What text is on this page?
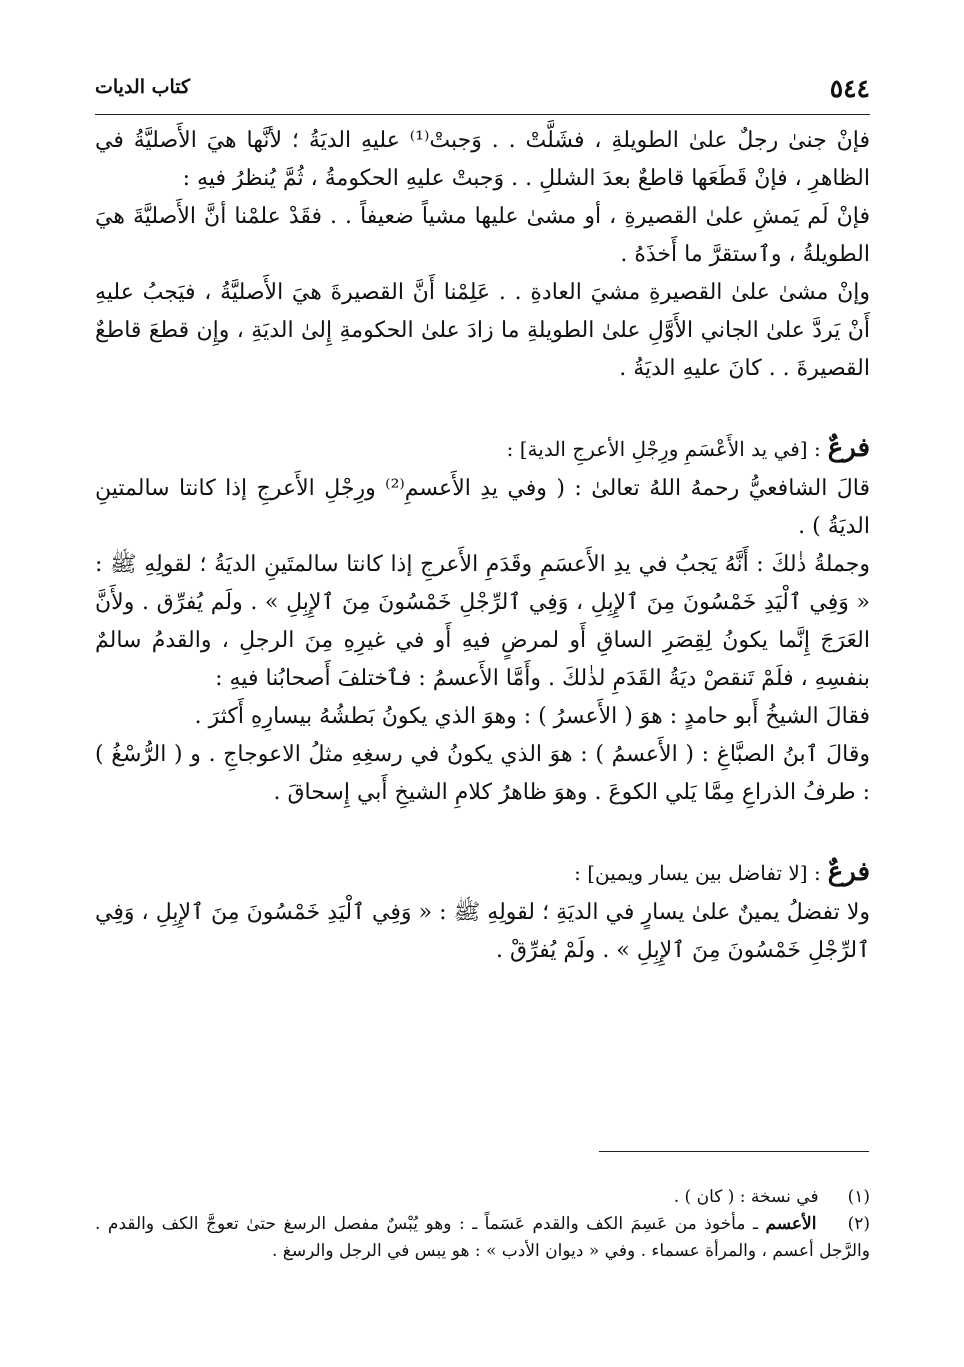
٥٤٤
كتاب الديات

فإنْ جنىٰ رجلٌ علىٰ الطويلةِ ، فشَلَّتْ . . وَجبتْ⁽¹⁾ عليهِ الديَةُ ؛ لأنَّها هيَ الأَصليَّةُ في الظاهرِ ، فإنْ قَطَعَها قاطعٌ بعدَ الشللِ . . وَجبتْ عليهِ الحكومةُ ، ثُمَّ يُنظرُ فيهِ :

فإنْ لَم يَمشِ علىٰ القصيرةِ ، أو مشىٰ عليها مشياً ضعيفاً . . فقَدْ علمْنا أنَّ الأَصليَّةَ هيَ الطويلةُ ، وٱستقرَّ ما أَخذَهُ .

وإنْ مشىٰ علىٰ القصيرةِ مشيَ العادةِ . . عَلِمْنا أَنَّ القصيرةَ هيَ الأَصليَّةُ ، فيَجبُ عليهِ أَنْ يَردَّ علىٰ الجاني الأَوَّلِ علىٰ الطويلةِ ما زادَ علىٰ الحكومةِ إِلىٰ الديَةِ ، وإِن قطعَ قاطعٌ القصيرةَ . . كانَ عليهِ الديَةُ .

فرعٌ : [في يد الأَعْسَمِ ورِجْلِ الأعرجِ الدية] :

قالَ الشافعيُّ رحمهُ اللهُ تعالىٰ : ( وفي يدِ الأَعسمِ⁽²⁾ ورِجْلِ الأَعرجِ إذا كانتا سالمتينِ الديَةُ ) .

وجملةُ ذٰلكَ : أَنَّهُ يَجبُ في يدِ الأَعسَمِ وقَدَمِ الأَعرجِ إذا كانتا سالمتَينِ الديَةُ ؛ لقولِهِ ﷺ : « وَفِي ٱلْيَدِ خَمْسُونَ مِنَ ٱلإِبِلِ ، وَفِي ٱلرِّجْلِ خَمْسُونَ مِنَ ٱلإِبِلِ » . ولَم يُفرِّق . ولأَنَّ العَرَجَ إِنَّما يكونُ لِقِصَرِ الساقِ أَو لمرضٍ فيهِ أَو في غيرِهِ مِنَ الرجلِ ، والقدمُ سالمٌ بنفسِهِ ، فلَمْ تَنقصْ ديَةُ القَدَمِ لذٰلكَ . وأَمَّا الأَعسمُ : فٱختلفَ أَصحابُنا فيهِ :

فقالَ الشيخُ أَبو حامدٍ : هوَ ( الأَعسرُ ) : وهوَ الذي يكونُ بَطشُهُ بيسارِهِ أَكثرَ .

وقالَ ٱبنُ الصبَّاغِ : ( الأَعسمُ ) : هوَ الذي يكونُ في رسغِهِ مثلُ الاعوجاجِ . و ( الرُّسْغُ ) : طرفُ الذراعِ مِمَّا يَلي الكوعَ . وهوَ ظاهرُ كلامِ الشيخِ أَبي إِسحاقَ .

فرعٌ : [لا تفاضل بين يسار ويمين] :

ولا تفضلُ يمينٌ علىٰ يسارٍ في الديَةِ ؛ لقولِهِ ﷺ : « وَفِي ٱلْيَدِ خَمْسُونَ مِنَ ٱلإِبِلِ ، وَفِي ٱلرِّجْلِ خَمْسُونَ مِنَ ٱلإِبِلِ » . ولَمْ يُفرِّقْ .

(١) في نسخة : ( كان ) .

(٢) الأعسم ـ مأخوذ من عَسِمَ الكف والقدم عَسَماً ـ : وهو يُبْسٌ مفصل الرسغ حتىٰ تعوجَّ الكف والقدم . والرَّجل أعسم ، والمرأة عسماء . وفي « ديوان الأدب » : هو يبس في الرجل والرسغ .
